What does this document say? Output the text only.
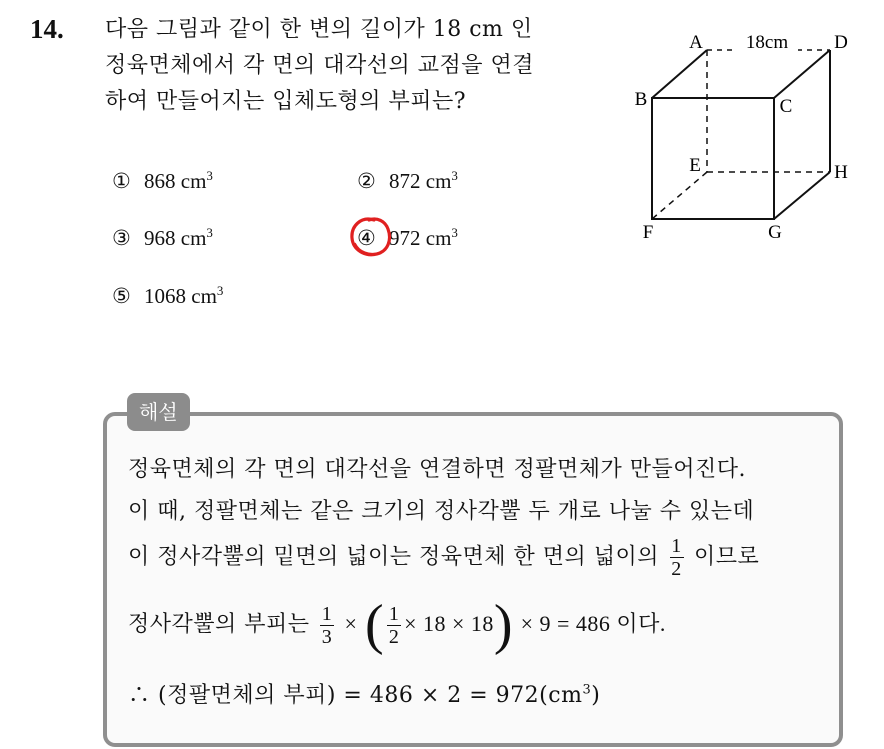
14. 다음 그림과 같이 한 변의 길이가 18 cm 인
정육면체에서 각 면의 대각선의 교점을 연결
하여 만들어지는 입체도형의 부피는?
① 868 $cm^3$	② 872 $cm^3$
③ 968 $cm^3$	④ 972 $cm^3$
⑤ 1068 $cm^3$
18cm
A	D
B	C
E	H
F	G
해설
정육면체의 각 면의 대각선을 연결하면 정팔면체가 만들어진다.
이 때, 정팔면체는 같은 크기의 정사각뿔 두 개로 나눌 수 있는데
이 정사각뿔의 밑면의 넓이는 정육면체 한 면의 넓이의 $\frac{1}{2}$ 이므로
정사각뿔의 부피는 $\frac{1}{3}$ × ( $\frac{1}{2} \times 18 \times 18) \times 9 = 486$ 이다.
∴ (정팔면체의 부피) = $486 \times 2 = 972(cm^3)$
